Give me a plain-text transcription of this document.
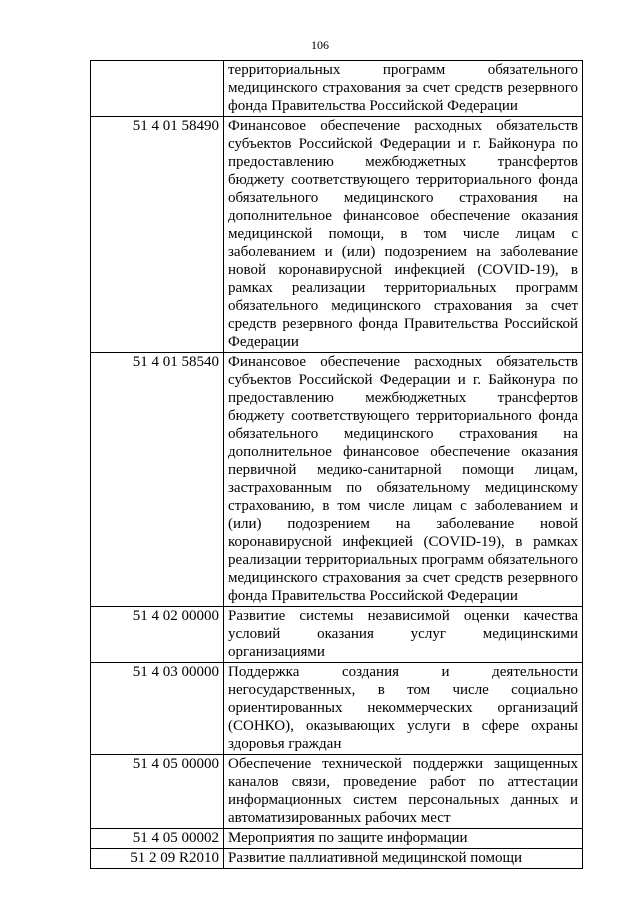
106
	территориальных программ обязательного медицинского страхования за счет средств резервного фонда Правительства Российской Федерации
51 4 01 58490	Финансовое обеспечение расходных обязательств субъектов Российской Федерации и г. Байконура по предоставлению межбюджетных трансфертов бюджету соответствующего территориального фонда обязательного медицинского страхования на дополнительное финансовое обеспечение оказания медицинской помощи, в том числе лицам с заболеванием и (или) подозрением на заболевание новой коронавирусной инфекцией (COVID-19), в рамках реализации территориальных программ обязательного медицинского страхования за счет средств резервного фонда Правительства Российской Федерации
51 4 01 58540	Финансовое обеспечение расходных обязательств субъектов Российской Федерации и г. Байконура по предоставлению межбюджетных трансфертов бюджету соответствующего территориального фонда обязательного медицинского страхования на дополнительное финансовое обеспечение оказания первичной медико-санитарной помощи лицам, застрахованным по обязательному медицинскому страхованию, в том числе лицам с заболеванием и (или) подозрением на заболевание новой коронавирусной инфекцией (COVID-19), в рамках реализации территориальных программ обязательного медицинского страхования за счет средств резервного фонда Правительства Российской Федерации
51 4 02 00000	Развитие системы независимой оценки качества условий оказания услуг медицинскими организациями
51 4 03 00000	Поддержка создания и деятельности негосударственных, в том числе социально ориентированных некоммерческих организаций (СОНКО), оказывающих услуги в сфере охраны здоровья граждан
51 4 05 00000	Обеспечение технической поддержки защищенных каналов связи, проведение работ по аттестации информационных систем персональных данных и автоматизированных рабочих мест
51 4 05 00002	Мероприятия по защите информации
51 2 09 R2010	Развитие паллиативной медицинской помощи
